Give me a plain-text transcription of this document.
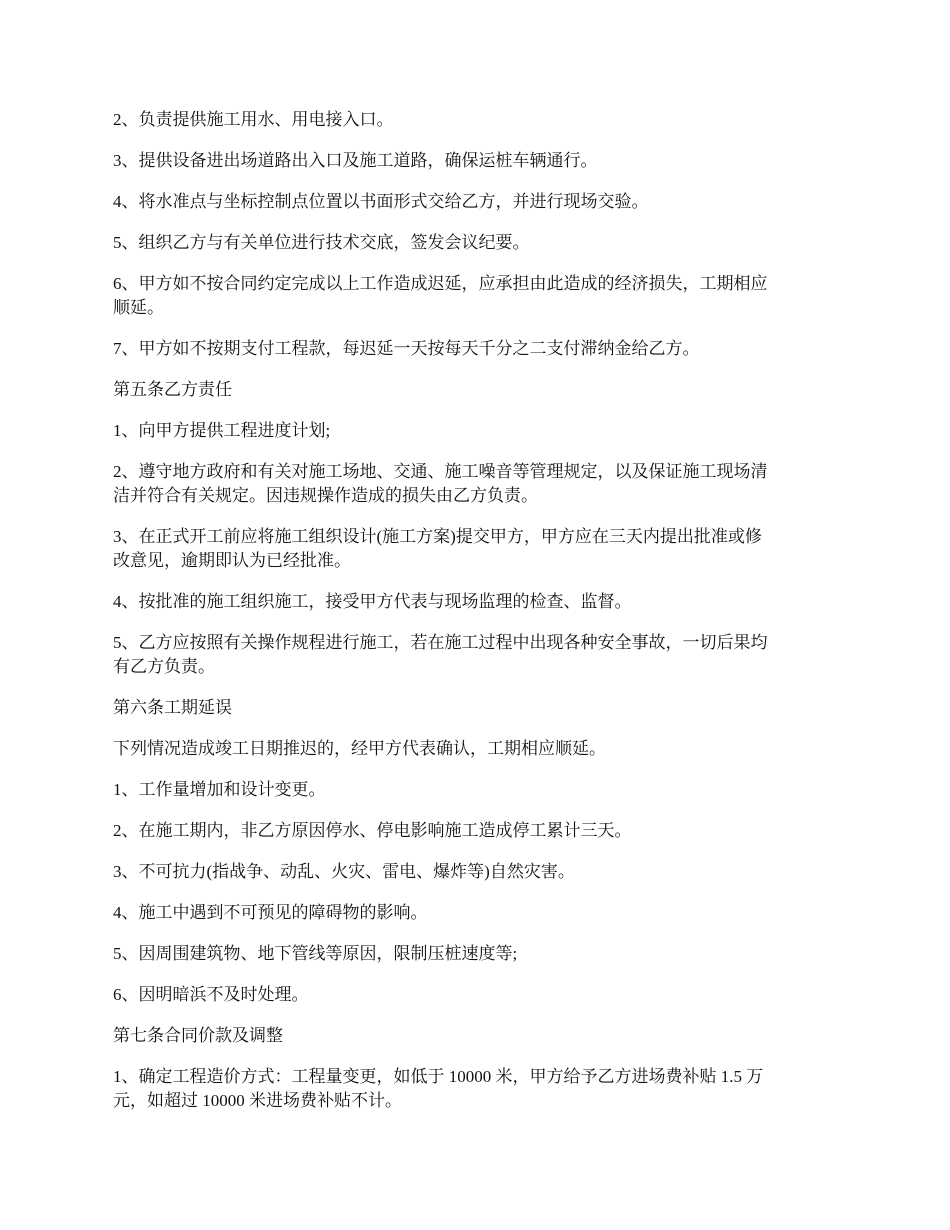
2、负责提供施工用水、用电接入口。

3、提供设备进出场道路出入口及施工道路，确保运桩车辆通行。

4、将水准点与坐标控制点位置以书面形式交给乙方，并进行现场交验。

5、组织乙方与有关单位进行技术交底，签发会议纪要。

6、甲方如不按合同约定完成以上工作造成迟延，应承担由此造成的经济损失，工期相应
顺延。

7、甲方如不按期支付工程款，每迟延一天按每天千分之二支付滞纳金给乙方。

第五条乙方责任

1、向甲方提供工程进度计划;

2、遵守地方政府和有关对施工场地、交通、施工噪音等管理规定，以及保证施工现场清
洁并符合有关规定。因违规操作造成的损失由乙方负责。

3、在正式开工前应将施工组织设计(施工方案)提交甲方，甲方应在三天内提出批准或修
改意见，逾期即认为已经批准。

4、按批准的施工组织施工，接受甲方代表与现场监理的检查、监督。

5、乙方应按照有关操作规程进行施工，若在施工过程中出现各种安全事故，一切后果均
有乙方负责。

第六条工期延误

下列情况造成竣工日期推迟的，经甲方代表确认，工期相应顺延。

1、工作量增加和设计变更。

2、在施工期内，非乙方原因停水、停电影响施工造成停工累计三天。

3、不可抗力(指战争、动乱、火灾、雷电、爆炸等)自然灾害。

4、施工中遇到不可预见的障碍物的影响。

5、因周围建筑物、地下管线等原因，限制压桩速度等;

6、因明暗浜不及时处理。

第七条合同价款及调整

1、确定工程造价方式：工程量变更，如低于 10000 米，甲方给予乙方进场费补贴 1.5 万
元，如超过 10000 米进场费补贴不计。
